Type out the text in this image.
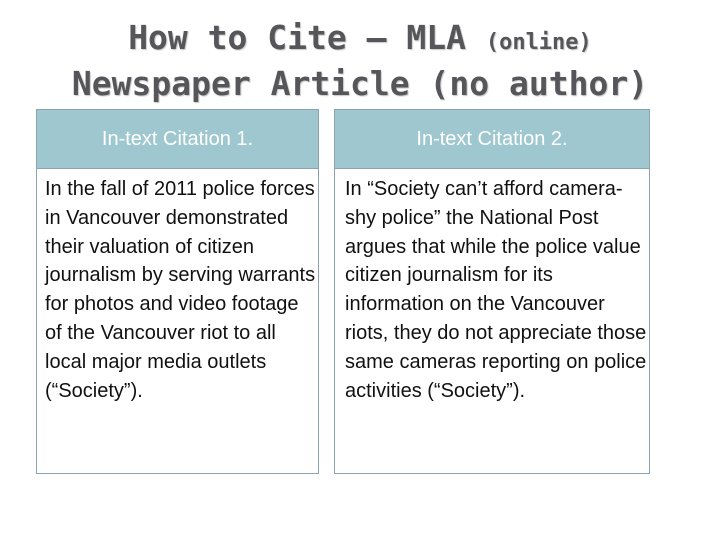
How to Cite – MLA (online)
Newspaper Article (no author)
In-text Citation 1.
In the fall of 2011 police forces in Vancouver demonstrated their valuation of citizen journalism by serving warrants for photos and video footage of the Vancouver riot to all local major media outlets (“Society”).
In-text Citation 2.
In “Society can’t afford camera-shy police” the National Post argues that while the police value citizen journalism for its information on the Vancouver riots, they do not appreciate those same cameras reporting on police activities (“Society”).
